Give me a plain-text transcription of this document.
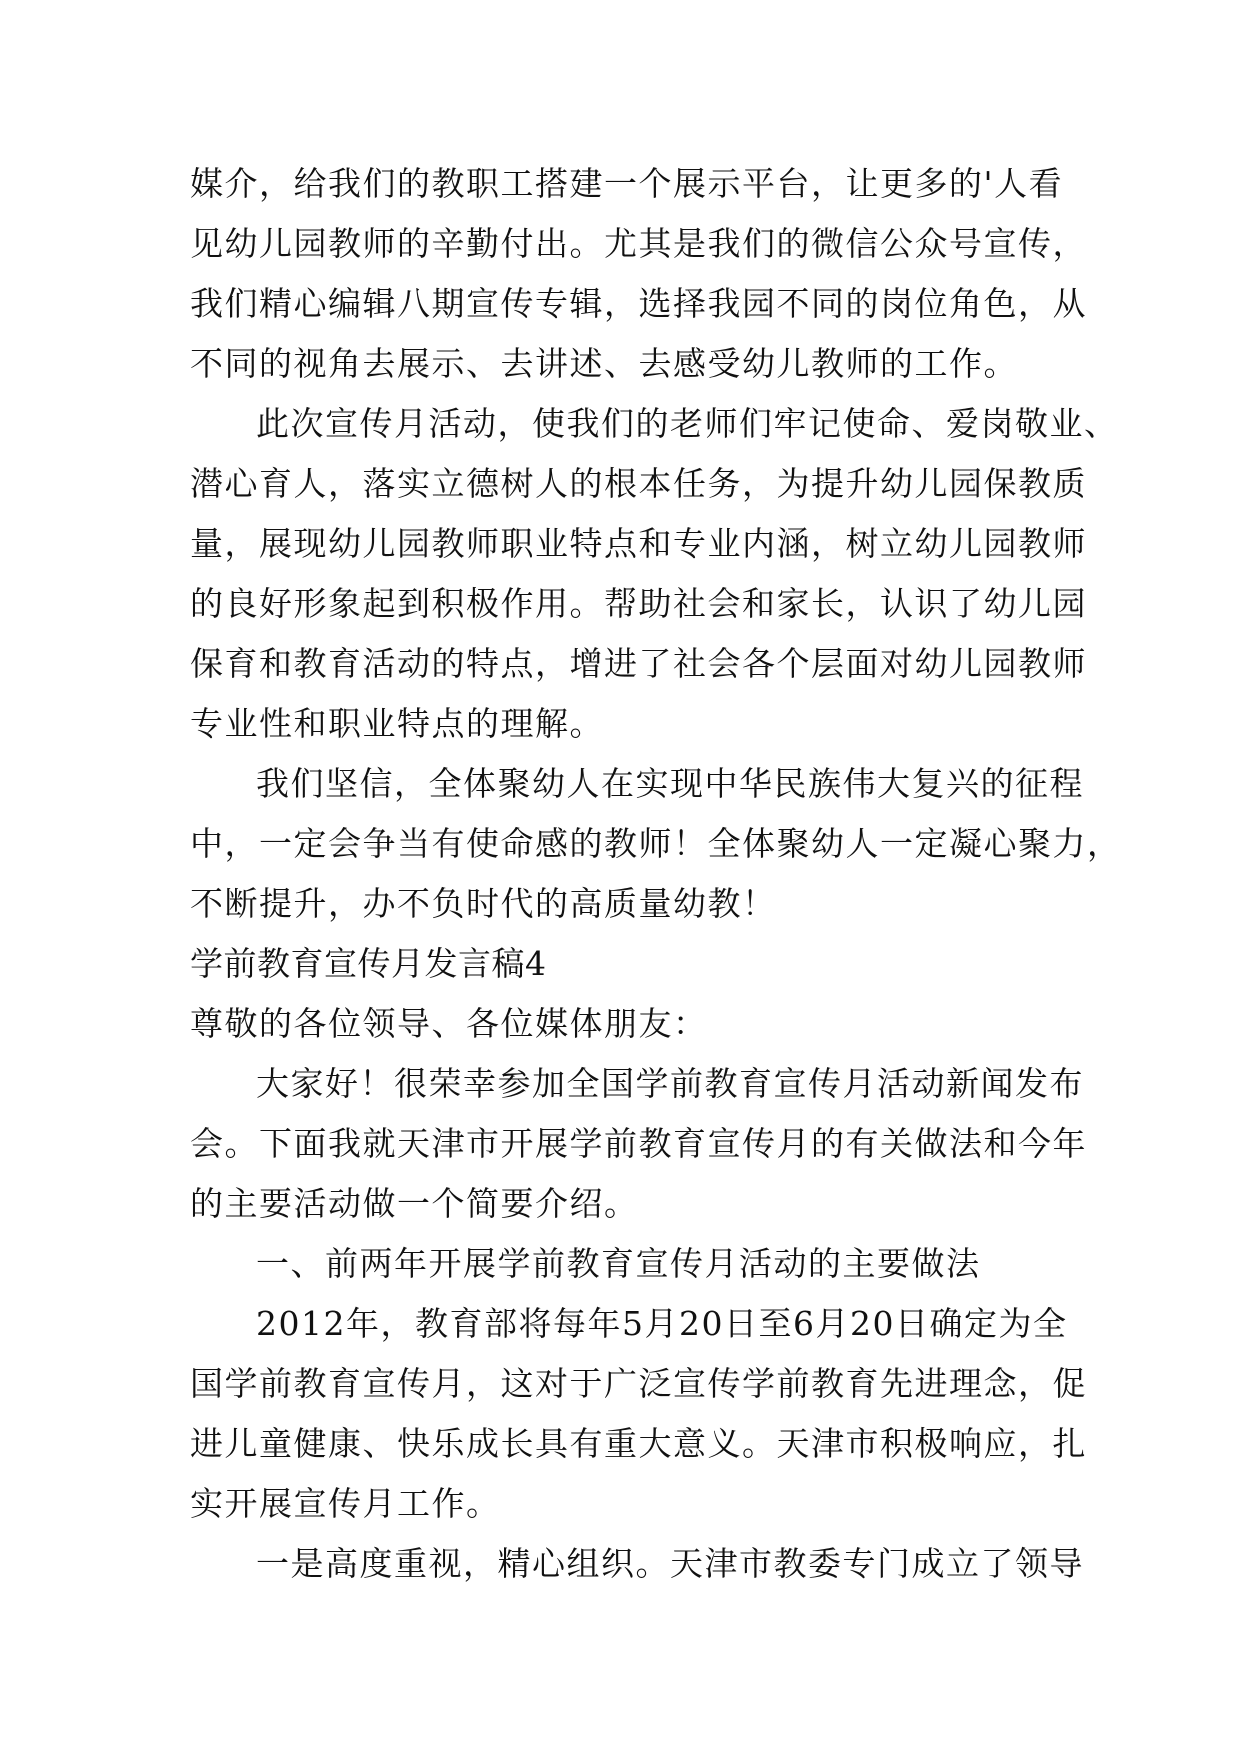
媒介，给我们的教职工搭建一个展示平台，让更多的'人看
见幼儿园教师的辛勤付出。尤其是我们的微信公众号宣传，
我们精心编辑八期宣传专辑，选择我园不同的岗位角色，从
不同的视角去展示、去讲述、去感受幼儿教师的工作。
此次宣传月活动，使我们的老师们牢记使命、爱岗敬业、
潜心育人，落实立德树人的根本任务，为提升幼儿园保教质
量，展现幼儿园教师职业特点和专业内涵，树立幼儿园教师
的良好形象起到积极作用。帮助社会和家长，认识了幼儿园
保育和教育活动的特点，增进了社会各个层面对幼儿园教师
专业性和职业特点的理解。
我们坚信，全体聚幼人在实现中华民族伟大复兴的征程
中，一定会争当有使命感的教师！全体聚幼人一定凝心聚力，
不断提升，办不负时代的高质量幼教！
学前教育宣传月发言稿4
尊敬的各位领导、各位媒体朋友：
大家好！很荣幸参加全国学前教育宣传月活动新闻发布
会。下面我就天津市开展学前教育宣传月的有关做法和今年
的主要活动做一个简要介绍。
一、前两年开展学前教育宣传月活动的主要做法
2012年，教育部将每年5月20日至6月20日确定为全
国学前教育宣传月，这对于广泛宣传学前教育先进理念，促
进儿童健康、快乐成长具有重大意义。天津市积极响应，扎
实开展宣传月工作。
一是高度重视，精心组织。天津市教委专门成立了领导
